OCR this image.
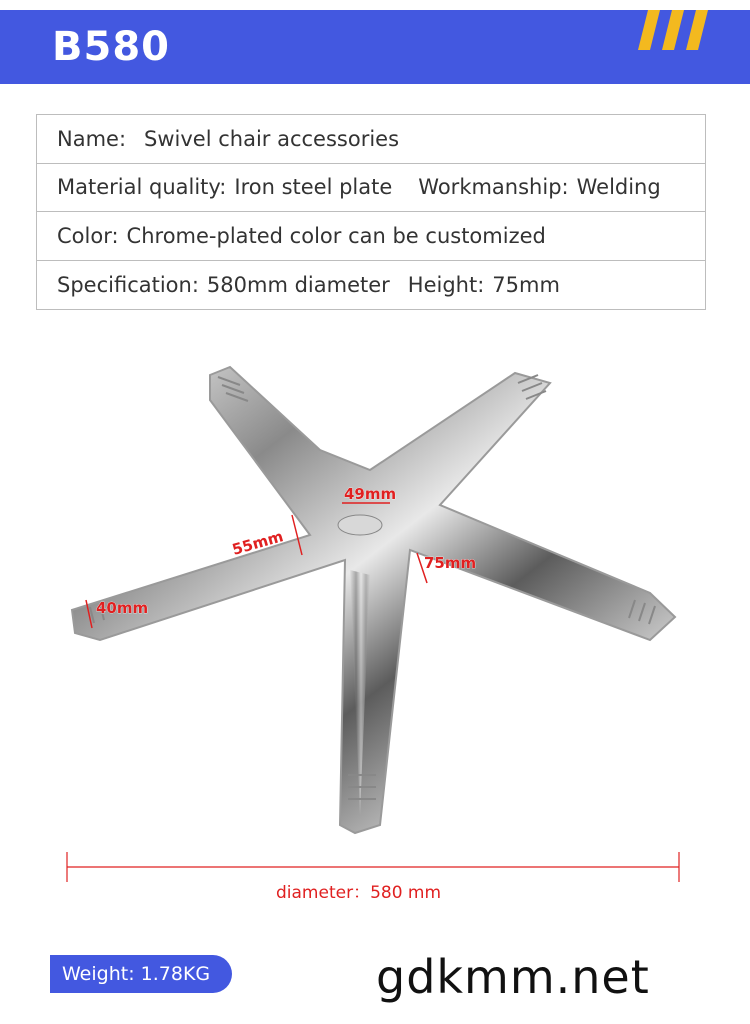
B580
Name: Swivel chair accessories
Material quality: Iron steel plate Workmanship: Welding
Color: Chrome-plated color can be customized
Specification: 580mm diameter Height: 75mm
49mm
55mm
40mm
75mm
diameter：580 mm
Weight: 1.78KG	gdkmm.net
